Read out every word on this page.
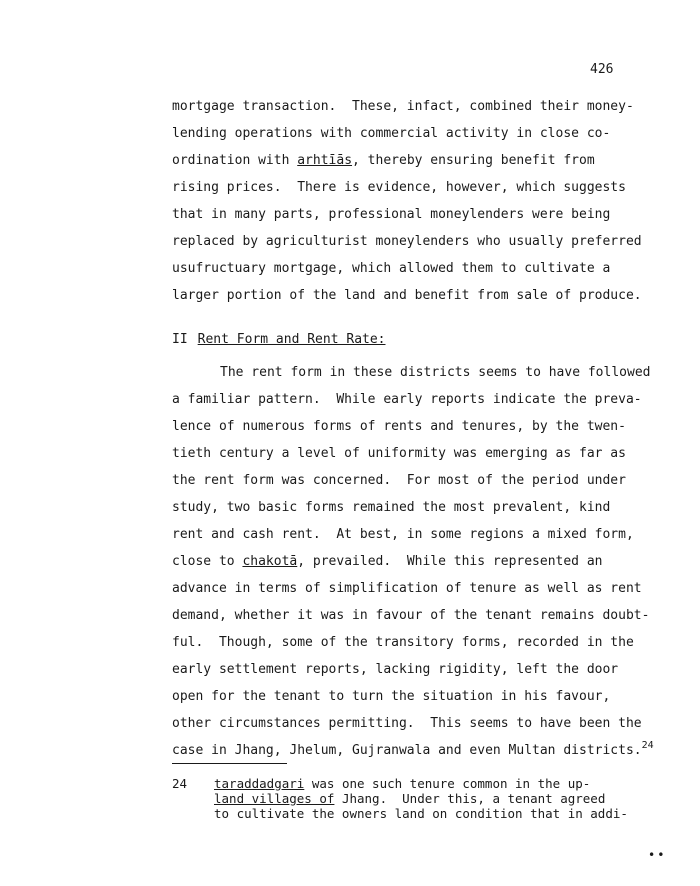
426
mortgage transaction.  These, infact, combined their money-
lending operations with commercial activity in close co-
ordination with arhtīās, thereby ensuring benefit from
rising prices.  There is evidence, however, which suggests
that in many parts, professional moneylenders were being
replaced by agriculturist moneylenders who usually preferred
usufructuary mortgage, which allowed them to cultivate a
larger portion of the land and benefit from sale of produce.
II Rent Form and Rent Rate:
The rent form in these districts seems to have followed
a familiar pattern.  While early reports indicate the preva-
lence of numerous forms of rents and tenures, by the twen-
tieth century a level of uniformity was emerging as far as
the rent form was concerned.  For most of the period under
study, two basic forms remained the most prevalent, kind
rent and cash rent.  At best, in some regions a mixed form,
close to chakotā, prevailed.  While this represented an
advance in terms of simplification of tenure as well as rent
demand, whether it was in favour of the tenant remains doubt-
ful.  Though, some of the transitory forms, recorded in the
early settlement reports, lacking rigidity, left the door
open for the tenant to turn the situation in his favour,
other circumstances permitting.  This seems to have been the
case in Jhang, Jhelum, Gujranwala and even Multan districts.$^{24}$
24 taraddadgari was one such tenure common in the up-
land villages of Jhang.  Under this, a tenant agreed
to cultivate the owners land on condition that in addi-
••
